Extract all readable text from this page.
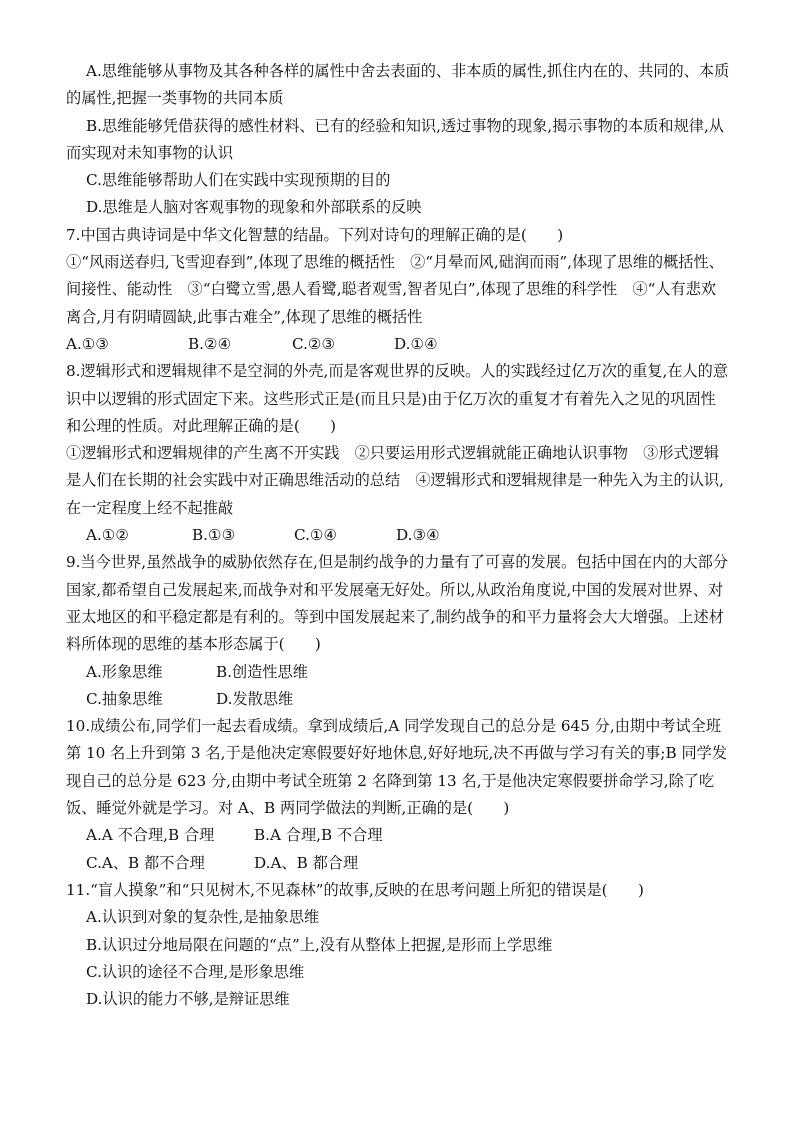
A.思维能够从事物及其各种各样的属性中舍去表面的、非本质的属性,抓住内在的、共同的、本质的属性,把握一类事物的共同本质

B.思维能够凭借获得的感性材料、已有的经验和知识,透过事物的现象,揭示事物的本质和规律,从而实现对未知事物的认识

C.思维能够帮助人们在实践中实现预期的目的

D.思维是人脑对客观事物的现象和外部联系的反映

7.中国古典诗词是中华文化智慧的结晶。下列对诗句的理解正确的是(　　)

①“风雨送春归,飞雪迎春到”,体现了思维的概括性　②“月晕而风,础润而雨”,体现了思维的概括性、间接性、能动性　③“白鹭立雪,愚人看鹭,聪者观雪,智者见白”,体现了思维的科学性　④“人有悲欢离合,月有阴晴圆缺,此事古难全”,体现了思维的概括性

A.①③	B.②④	C.②③	D.①④

8.逻辑形式和逻辑规律不是空洞的外壳,而是客观世界的反映。人的实践经过亿万次的重复,在人的意识中以逻辑的形式固定下来。这些形式正是(而且只是)由于亿万次的重复才有着先入之见的巩固性和公理的性质。对此理解正确的是(　　)

①逻辑形式和逻辑规律的产生离不开实践　②只要运用形式逻辑就能正确地认识事物　③形式逻辑是人们在长期的社会实践中对正确思维活动的总结　④逻辑形式和逻辑规律是一种先入为主的认识,在一定程度上经不起推敲

A.①②	B.①③	C.①④	D.③④

9.当今世界,虽然战争的威胁依然存在,但是制约战争的力量有了可喜的发展。包括中国在内的大部分国家,都希望自己发展起来,而战争对和平发展毫无好处。所以,从政治角度说,中国的发展对世界、对亚太地区的和平稳定都是有利的。等到中国发展起来了,制约战争的和平力量将会大大增强。上述材料所体现的思维的基本形态属于(　　)

A.形象思维	B.创造性思维

C.抽象思维	D.发散思维

10.成绩公布,同学们一起去看成绩。拿到成绩后,A 同学发现自己的总分是 645 分,由期中考试全班第 10 名上升到第 3 名,于是他决定寒假要好好地休息,好好地玩,决不再做与学习有关的事;B 同学发现自己的总分是 623 分,由期中考试全班第 2 名降到第 13 名,于是他决定寒假要拼命学习,除了吃饭、睡觉外就是学习。对 A、B 两同学做法的判断,正确的是(　　)

A.A 不合理,B 合理	B.A 合理,B 不合理

C.A、B 都不合理	D.A、B 都合理

11.“盲人摸象”和“只见树木,不见森林”的故事,反映的在思考问题上所犯的错误是(　　)

A.认识到对象的复杂性,是抽象思维

B.认识过分地局限在问题的“点”上,没有从整体上把握,是形而上学思维

C.认识的途径不合理,是形象思维

D.认识的能力不够,是辩证思维
